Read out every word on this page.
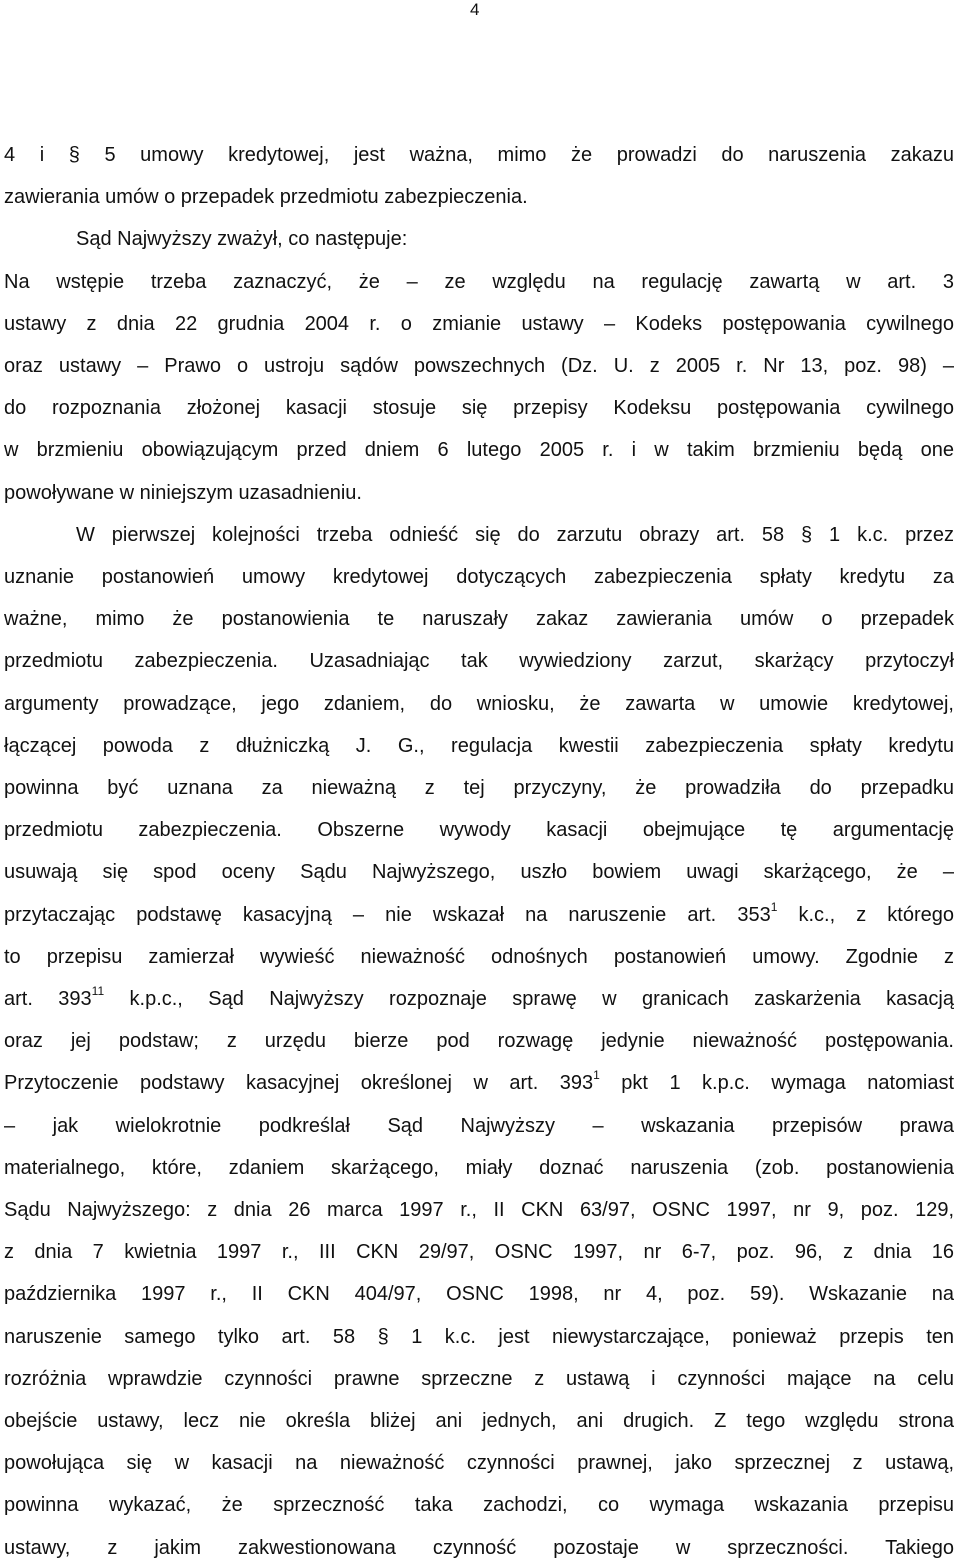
4
4 i § 5 umowy kredytowej, jest ważna, mimo że prowadzi do naruszenia zakazu
zawierania umów o przepadek przedmiotu zabezpieczenia.
Sąd Najwyższy zważył, co następuje:
Na wstępie trzeba zaznaczyć, że – ze względu na regulację zawartą w art. 3
ustawy z dnia 22 grudnia 2004 r. o zmianie ustawy – Kodeks postępowania cywilnego
oraz ustawy – Prawo o ustroju sądów powszechnych (Dz. U. z 2005 r. Nr 13, poz. 98) –
do rozpoznania złożonej kasacji stosuje się przepisy Kodeksu postępowania cywilnego
w brzmieniu obowiązującym przed dniem 6 lutego 2005 r. i w takim brzmieniu będą one
powoływane w niniejszym uzasadnieniu.
W pierwszej kolejności trzeba odnieść się do zarzutu obrazy art. 58 § 1 k.c. przez
uznanie postanowień umowy kredytowej dotyczących zabezpieczenia spłaty kredytu za
ważne, mimo że postanowienia te naruszały zakaz zawierania umów o przepadek
przedmiotu zabezpieczenia. Uzasadniając tak wywiedziony zarzut, skarżący przytoczył
argumenty prowadzące, jego zdaniem, do wniosku, że zawarta w umowie kredytowej,
łączącej powoda z dłużniczką J. G., regulacja kwestii zabezpieczenia spłaty kredytu
powinna być uznana za nieważną z tej przyczyny, że prowadziła do przepadku
przedmiotu zabezpieczenia. Obszerne wywody kasacji obejmujące tę argumentację
usuwają się spod oceny Sądu Najwyższego, uszło bowiem uwagi skarżącego, że –
przytaczając podstawę kasacyjną – nie wskazał na naruszenie art. $353^1$ k.c., z którego
to przepisu zamierzał wywieść nieważność odnośnych postanowień umowy. Zgodnie z
art. $393^{11}$ k.p.c., Sąd Najwyższy rozpoznaje sprawę w granicach zaskarżenia kasacją
oraz jej podstaw; z urzędu bierze pod rozwagę jedynie nieważność postępowania.
Przytoczenie podstawy kasacyjnej określonej w art. $393^1$ pkt 1 k.p.c. wymaga natomiast
– jak wielokrotnie podkreślał Sąd Najwyższy – wskazania przepisów prawa
materialnego, które, zdaniem skarżącego, miały doznać naruszenia (zob. postanowienia
Sądu Najwyższego: z dnia 26 marca 1997 r., II CKN 63/97, OSNC 1997, nr 9, poz. 129,
z dnia 7 kwietnia 1997 r., III CKN 29/97, OSNC 1997, nr 6-7, poz. 96, z dnia 16
października 1997 r., II CKN 404/97, OSNC 1998, nr 4, poz. 59). Wskazanie na
naruszenie samego tylko art. 58 § 1 k.c. jest niewystarczające, ponieważ przepis ten
rozróżnia wprawdzie czynności prawne sprzeczne z ustawą i czynności mające na celu
obejście ustawy, lecz nie określa bliżej ani jednych, ani drugich. Z tego względu strona
powołująca się w kasacji na nieważność czynności prawnej, jako sprzecznej z ustawą,
powinna wykazać, że sprzeczność taka zachodzi, co wymaga wskazania przepisu
ustawy, z jakim zakwestionowana czynność pozostaje w sprzeczności. Takiego
